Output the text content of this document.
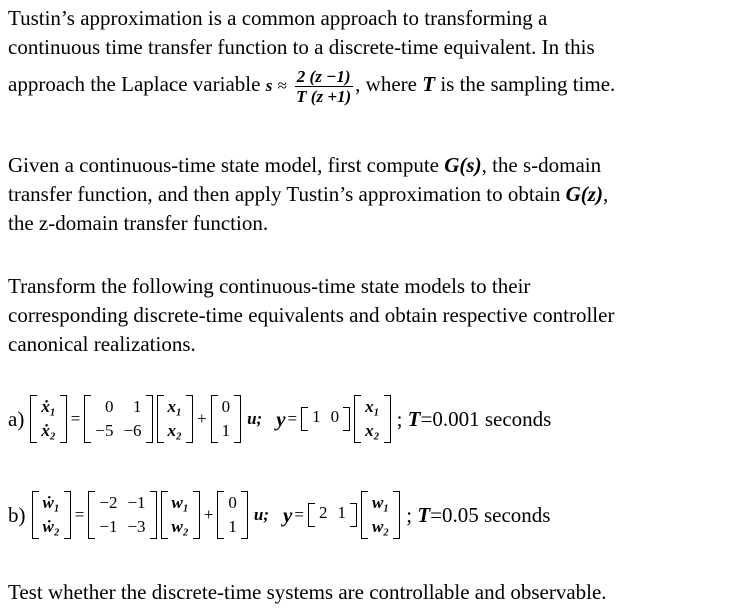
Tustin’s approximation is a common approach to transforming a
continuous time transfer function to a discrete-time equivalent. In this
approach the Laplace variable $s \approx \frac{2 (z -1)}{T (z +1)}$ , where T is the sampling time.
Given a continuous-time state model, first compute G(s), the s-domain
transfer function, and then apply Tustin’s approximation to obtain G(z),
the z-domain transfer function.
Transform the following continuous-time state models to their
corresponding discrete-time equivalents and obtain respective controller
canonical realizations.
a) ẋ₁
ẋ₂
=
0	1
−5 −6
x₁
x₂
+
0
1
u; y = 1 0
x₁
x₂ ; T=0.001 seconds
b) ẇ₁
ẇ₂
=
−2 −1
−1 −3
w₁
w₂
+
0
1
u; y = 2 1
w₁
w₂ ; T=0.05 seconds
Test whether the discrete-time systems are controllable and observable.
